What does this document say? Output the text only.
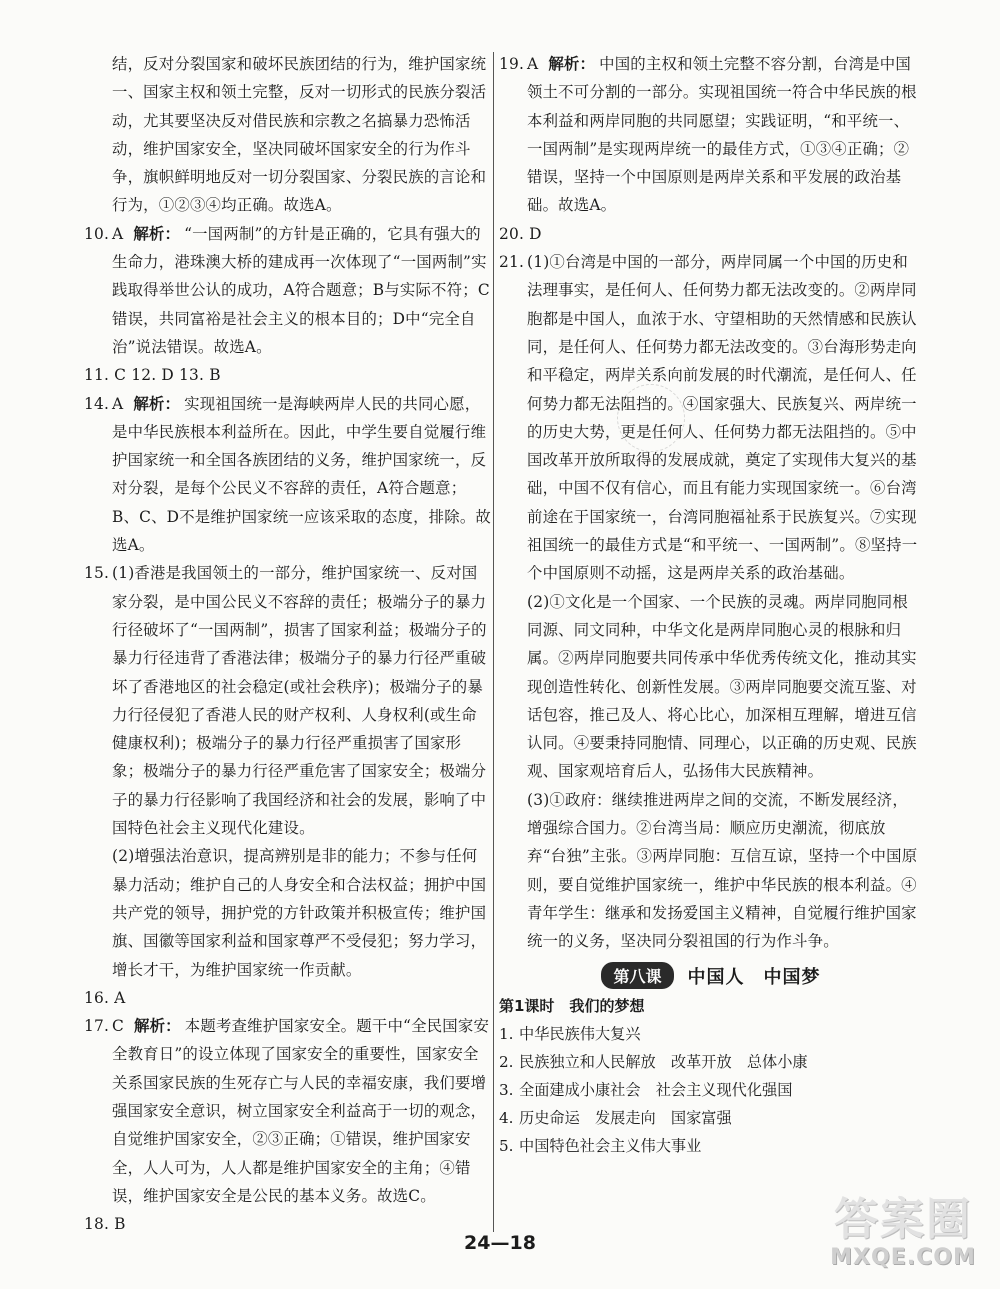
结，反对分裂国家和破坏民族团结的行为，维护国家统一、国家主权和领土完整，反对一切形式的民族分裂活动，尤其要坚决反对借民族和宗教之名搞暴力恐怖活动，维护国家安全，坚决同破坏国家安全的行为作斗争，旗帜鲜明地反对一切分裂国家、分裂民族的言论和行为，①②③④均正确。故选A。

10. A 解析： “一国两制”的方针是正确的，它具有强大的生命力，港珠澳大桥的建成再一次体现了“一国两制”实践取得举世公认的成功，A符合题意；B与实际不符；C错误，共同富裕是社会主义的根本目的；D中“完全自治”说法错误。故选A。
11. C 12. D 13. B
14. A 解析： 实现祖国统一是海峡两岸人民的共同心愿，是中华民族根本利益所在。因此，中学生要自觉履行维护国家统一和全国各族团结的义务，维护国家统一，反对分裂，是每个公民义不容辞的责任，A符合题意；B、C、D不是维护国家统一应该采取的态度，排除。故选A。
15. (1)香港是我国领土的一部分，维护国家统一、反对国家分裂，是中国公民义不容辞的责任；极端分子的暴力行径破坏了“一国两制”，损害了国家利益；极端分子的暴力行径违背了香港法律；极端分子的暴力行径严重破坏了香港地区的社会稳定(或社会秩序)；极端分子的暴力行径侵犯了香港人民的财产权利、人身权利(或生命健康权利)；极端分子的暴力行径严重损害了国家形象；极端分子的暴力行径严重危害了国家安全；极端分子的暴力行径影响了我国经济和社会的发展，影响了中国特色社会主义现代化建设。

(2)增强法治意识，提高辨别是非的能力；不参与任何暴力活动；维护自己的人身安全和合法权益；拥护中国共产党的领导，拥护党的方针政策并积极宣传；维护国旗、国徽等国家利益和国家尊严不受侵犯；努力学习，增长才干，为维护国家统一作贡献。

16. A
17. C 解析： 本题考查维护国家安全。题干中“全民国家安全教育日”的设立体现了国家安全的重要性，国家安全关系国家民族的生死存亡与人民的幸福安康，我们要增强国家安全意识，树立国家安全利益高于一切的观念，自觉维护国家安全，②③正确；①错误，维护国家安全，人人可为，人人都是维护国家安全的主角；④错误，维护国家安全是公民的基本义务。故选C。
18. B
19. A 解析： 中国的主权和领土完整不容分割，台湾是中国领土不可分割的一部分。实现祖国统一符合中华民族的根本利益和两岸同胞的共同愿望；实践证明，“和平统一、一国两制”是实现两岸统一的最佳方式，①③④正确；②错误，坚持一个中国原则是两岸关系和平发展的政治基础。故选A。
20. D
21. (1)①台湾是中国的一部分，两岸同属一个中国的历史和法理事实，是任何人、任何势力都无法改变的。②两岸同胞都是中国人，血浓于水、守望相助的天然情感和民族认同，是任何人、任何势力都无法改变的。③台海形势走向和平稳定，两岸关系向前发展的时代潮流，是任何人、任何势力都无法阻挡的。④国家强大、民族复兴、两岸统一的历史大势，更是任何人、任何势力都无法阻挡的。⑤中国改革开放所取得的发展成就，奠定了实现伟大复兴的基础，中国不仅有信心，而且有能力实现国家统一。⑥台湾前途在于国家统一，台湾同胞福祉系于民族复兴。⑦实现祖国统一的最佳方式是“和平统一、一国两制”。⑧坚持一个中国原则不动摇，这是两岸关系的政治基础。

(2)①文化是一个国家、一个民族的灵魂。两岸同胞同根同源、同文同种，中华文化是两岸同胞心灵的根脉和归属。②两岸同胞要共同传承中华优秀传统文化，推动其实现创造性转化、创新性发展。③两岸同胞要交流互鉴、对话包容，推己及人、将心比心，加深相互理解，增进互信认同。④要秉持同胞情、同理心，以正确的历史观、民族观、国家观培育后人，弘扬伟大民族精神。

(3)①政府：继续推进两岸之间的交流，不断发展经济，增强综合国力。②台湾当局：顺应历史潮流，彻底放弃“台独”主张。③两岸同胞：互信互谅，坚持一个中国原则，要自觉维护国家统一，维护中华民族的根本利益。④青年学生：继承和发扬爱国主义精神，自觉履行维护国家统一的义务，坚决同分裂祖国的行为作斗争。

第八课	中国人　中国梦
第1课时　我们的梦想
1. 中华民族伟大复兴
2. 民族独立和人民解放　改革开放　总体小康
3. 全面建成小康社会　社会主义现代化强国
4. 历史命运　发展走向　国家富强
5. 中国特色社会主义伟大事业
24—18	答案圈
MXQE.COM
